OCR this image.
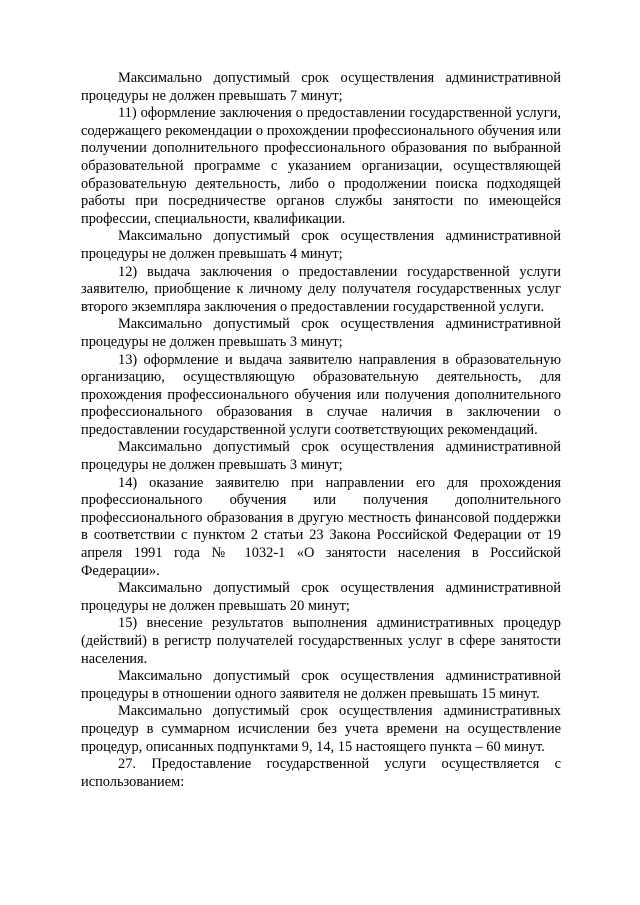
Максимально допустимый срок осуществления административной процедуры не должен превышать 7 минут;

11) оформление заключения о предоставлении государственной услуги, содержащего рекомендации о прохождении профессионального обучения или получении дополнительного профессионального образования по выбранной образовательной программе с указанием организации, осуществляющей образовательную деятельность, либо о продолжении поиска подходящей работы при посредничестве органов службы занятости по имеющейся профессии, специальности, квалификации.

Максимально допустимый срок осуществления административной процедуры не должен превышать 4 минут;

12) выдача заключения о предоставлении государственной услуги заявителю, приобщение к личному делу получателя государственных услуг второго экземпляра заключения о предоставлении государственной услуги.

Максимально допустимый срок осуществления административной процедуры не должен превышать 3 минут;

13) оформление и выдача заявителю направления в образовательную организацию, осуществляющую образовательную деятельность, для прохождения профессионального обучения или получения дополнительного профессионального образования в случае наличия в заключении о предоставлении государственной услуги соответствующих рекомендаций.

Максимально допустимый срок осуществления административной процедуры не должен превышать 3 минут;

14) оказание заявителю при направлении его для прохождения профессионального обучения или получения дополнительного профессионального образования в другую местность финансовой поддержки в соответствии с пунктом 2 статьи 23 Закона Российской Федерации от 19 апреля 1991 года № 1032-1 «О занятости населения в Российской Федерации».

Максимально допустимый срок осуществления административной процедуры не должен превышать 20 минут;

15) внесение результатов выполнения административных процедур (действий) в регистр получателей государственных услуг в сфере занятости населения.

Максимально допустимый срок осуществления административной процедуры в отношении одного заявителя не должен превышать 15 минут.

Максимально допустимый срок осуществления административных процедур в суммарном исчислении без учета времени на осуществление процедур, описанных подпунктами 9, 14, 15 настоящего пункта – 60 минут.

27. Предоставление государственной услуги осуществляется с использованием:
